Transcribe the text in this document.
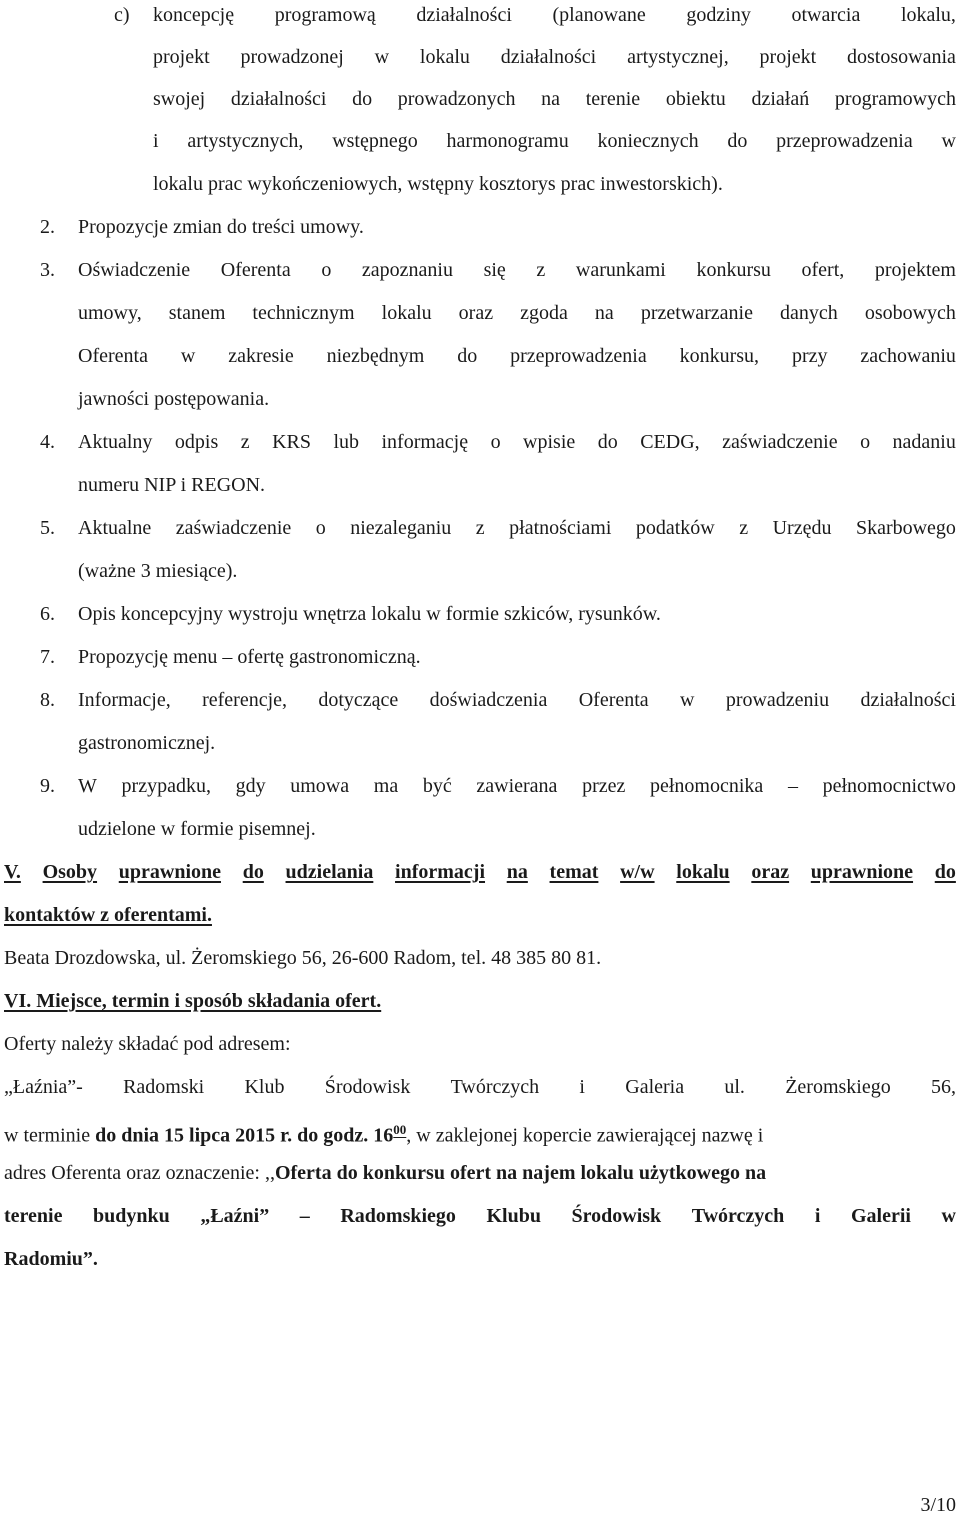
c) koncepcję programową działalności (planowane godziny otwarcia lokalu,
projekt prowadzonej w lokalu działalności artystycznej, projekt dostosowania
swojej działalności do prowadzonych na terenie obiektu działań programowych
i artystycznych, wstępnego harmonogramu koniecznych do przeprowadzenia w
lokalu prac wykończeniowych, wstępny kosztorys prac inwestorskich).
2. Propozycje zmian do treści umowy.
3. Oświadczenie Oferenta o zapoznaniu się z warunkami konkursu ofert, projektem
umowy, stanem technicznym lokalu oraz zgoda na przetwarzanie danych osobowych
Oferenta w zakresie niezbędnym do przeprowadzenia konkursu, przy zachowaniu
jawności postępowania.
4. Aktualny odpis z KRS lub informację o wpisie do CEDG, zaświadczenie o nadaniu
numeru NIP i REGON.
5. Aktualne zaświadczenie o niezaleganiu z płatnościami podatków z Urzędu Skarbowego
(ważne 3 miesiące).
6. Opis koncepcyjny wystroju wnętrza lokalu w formie szkiców, rysunków.
7. Propozycję menu – ofertę gastronomiczną.
8. Informacje, referencje, dotyczące doświadczenia Oferenta w prowadzeniu działalności
gastronomicznej.
9. W przypadku, gdy umowa ma być zawierana przez pełnomocnika – pełnomocnictwo
udzielone w formie pisemnej.
V. Osoby uprawnione do udzielania informacji na temat w/w lokalu oraz uprawnione do
kontaktów z oferentami.
Beata Drozdowska, ul. Żeromskiego 56, 26-600 Radom, tel. 48 385 80 81.
VI. Miejsce, termin i sposób składania ofert.
Oferty należy składać pod adresem:
„Łaźnia”- Radomski Klub Środowisk Twórczych i Galeria ul. Żeromskiego 56,
w terminie do dnia 15 lipca 2015 r. do godz. $16^{00}$, w zaklejonej kopercie zawierającej nazwę i
adres Oferenta oraz oznaczenie: ,,Oferta do konkursu ofert na najem lokalu użytkowego na
terenie budynku „Łaźni” – Radomskiego Klubu Środowisk Twórczych i Galerii w
Radomiu”.
3/10
